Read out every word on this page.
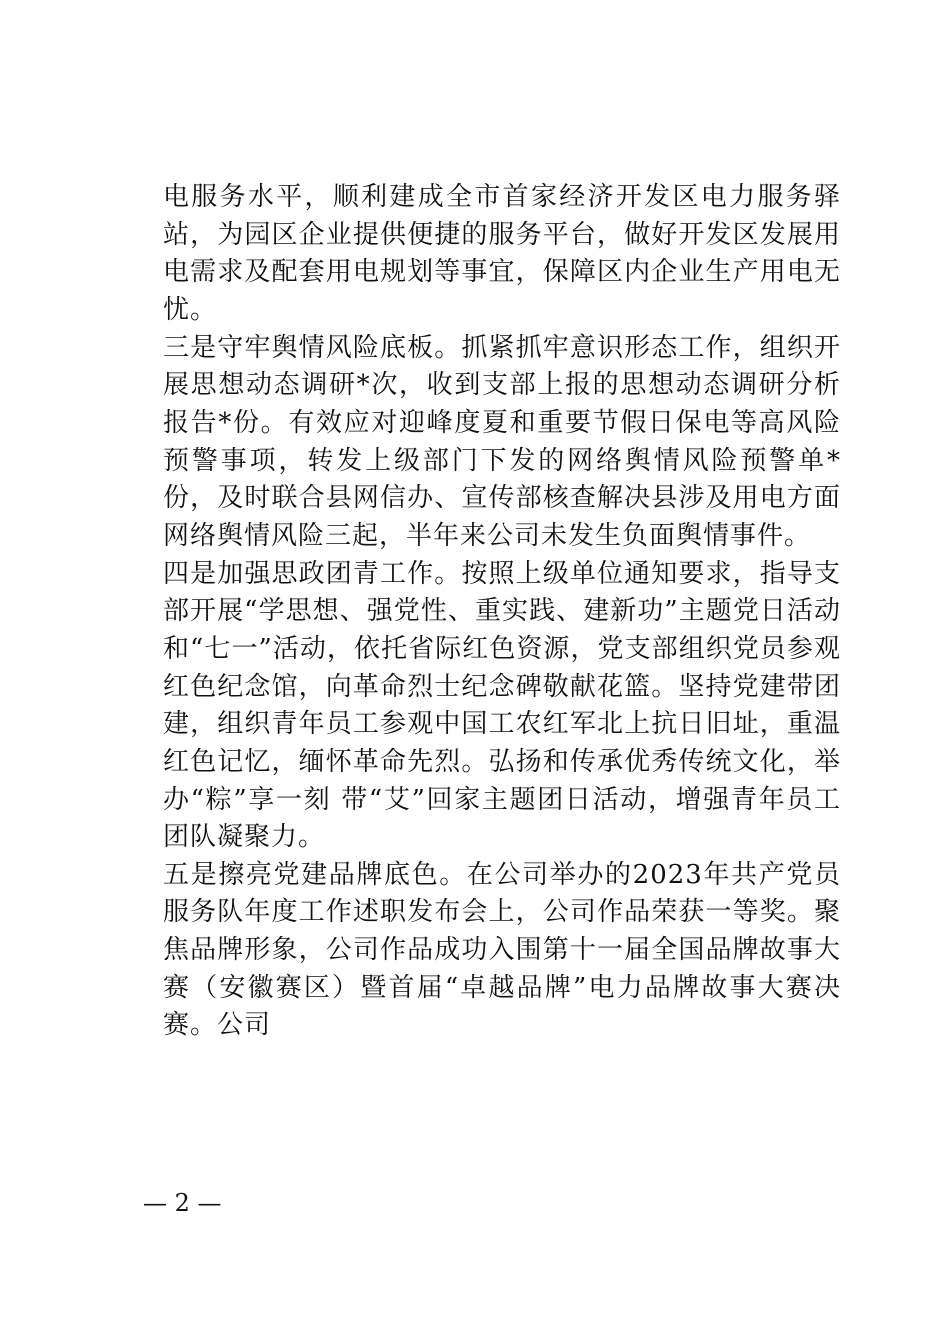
电服务水平，顺利建成全市首家经济开发区电力服务驿站，为园区企业提供便捷的服务平台，做好开发区发展用电需求及配套用电规划等事宜，保障区内企业生产用电无忧。

三是守牢舆情风险底板。抓紧抓牢意识形态工作，组织开展思想动态调研*次，收到支部上报的思想动态调研分析报告*份。有效应对迎峰度夏和重要节假日保电等高风险预警事项，转发上级部门下发的网络舆情风险预警单*份，及时联合县网信办、宣传部核查解决县涉及用电方面网络舆情风险三起，半年来公司未发生负面舆情事件。

四是加强思政团青工作。按照上级单位通知要求，指导支部开展“学思想、强党性、重实践、建新功”主题党日活动和“七一”活动，依托省际红色资源，党支部组织党员参观红色纪念馆，向革命烈士纪念碑敬献花篮。坚持党建带团建，组织青年员工参观中国工农红军北上抗日旧址，重温红色记忆，缅怀革命先烈。弘扬和传承优秀传统文化，举办“粽”享一刻 带“艾”回家主题团日活动，增强青年员工团队凝聚力。

五是擦亮党建品牌底色。在公司举办的2023年共产党员服务队年度工作述职发布会上，公司作品荣获一等奖。聚焦品牌形象，公司作品成功入围第十一届全国品牌故事大赛（安徽赛区）暨首届“卓越品牌”电力品牌故事大赛决赛。公司

— 2 —
